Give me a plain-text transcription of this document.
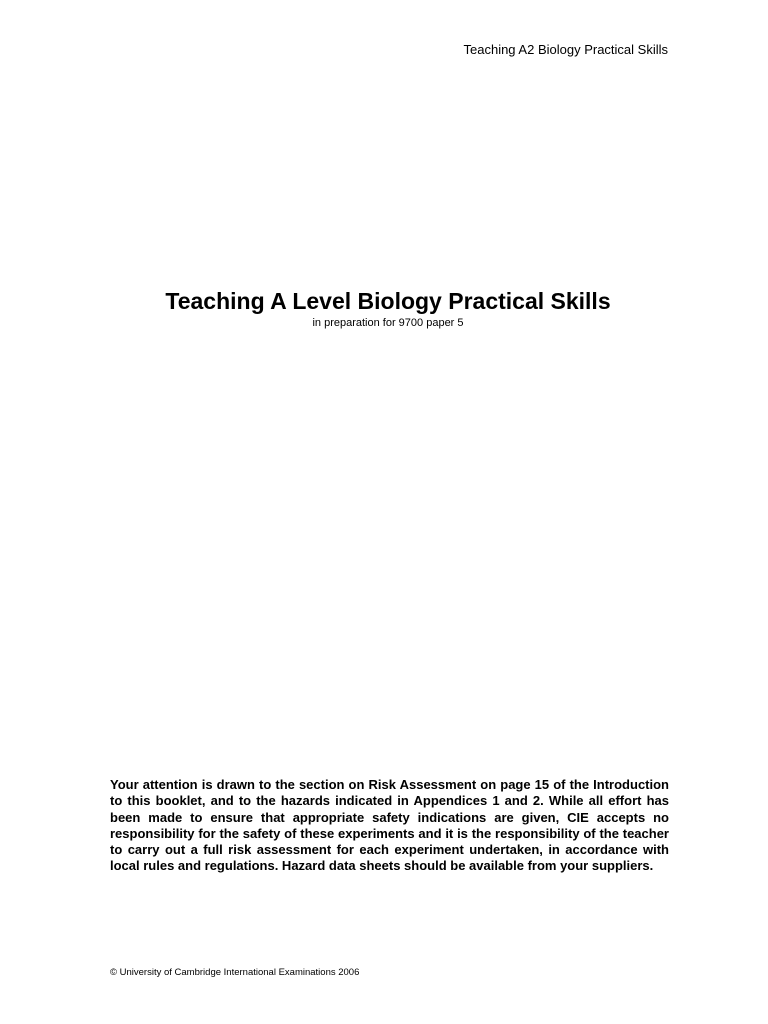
Teaching A2 Biology Practical Skills
Teaching A Level Biology Practical Skills

in preparation for 9700 paper 5

Your attention is drawn to the section on Risk Assessment on page 15 of the Introduction to this booklet, and to the hazards indicated in Appendices 1 and 2. While all effort has been made to ensure that appropriate safety indications are given, CIE accepts no responsibility for the safety of these experiments and it is the responsibility of the teacher to carry out a full risk assessment for each experiment undertaken, in accordance with local rules and regulations. Hazard data sheets should be available from your suppliers.

© University of Cambridge International Examinations 2006
